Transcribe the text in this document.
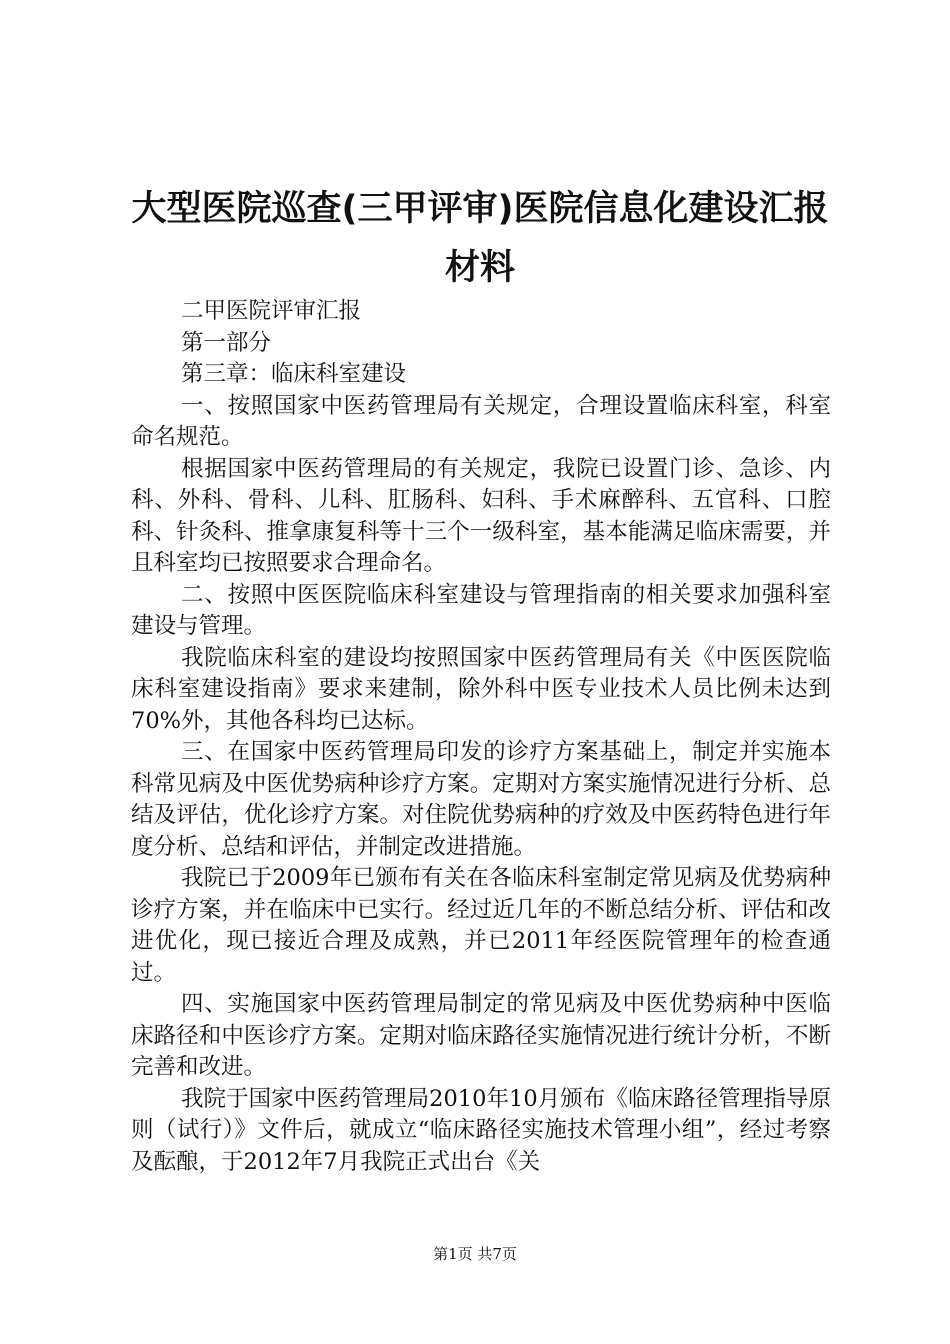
大型医院巡查(三甲评审)医院信息化建设汇报
材料

二甲医院评审汇报

第一部分

第三章：临床科室建设

一、按照国家中医药管理局有关规定，合理设置临床科室，科室命名规范。

根据国家中医药管理局的有关规定，我院已设置门诊、急诊、内科、外科、骨科、儿科、肛肠科、妇科、手术麻醉科、五官科、口腔科、针灸科、推拿康复科等十三个一级科室，基本能满足临床需要，并且科室均已按照要求合理命名。

二、按照中医医院临床科室建设与管理指南的相关要求加强科室建设与管理。

我院临床科室的建设均按照国家中医药管理局有关《中医医院临床科室建设指南》要求来建制，除外科中医专业技术人员比例未达到70%外，其他各科均已达标。

三、在国家中医药管理局印发的诊疗方案基础上，制定并实施本科常见病及中医优势病种诊疗方案。定期对方案实施情况进行分析、总结及评估，优化诊疗方案。对住院优势病种的疗效及中医药特色进行年度分析、总结和评估，并制定改进措施。

我院已于2009年已颁布有关在各临床科室制定常见病及优势病种诊疗方案，并在临床中已实行。经过近几年的不断总结分析、评估和改进优化，现已接近合理及成熟，并已2011年经医院管理年的检查通过。

四、实施国家中医药管理局制定的常见病及中医优势病种中医临床路径和中医诊疗方案。定期对临床路径实施情况进行统计分析，不断完善和改进。

我院于国家中医药管理局2010年10月颁布《临床路径管理指导原则（试行）》文件后，就成立“临床路径实施技术管理小组”，经过考察及酝酿，于2012年7月我院正式出台《关

第1页 共7页
